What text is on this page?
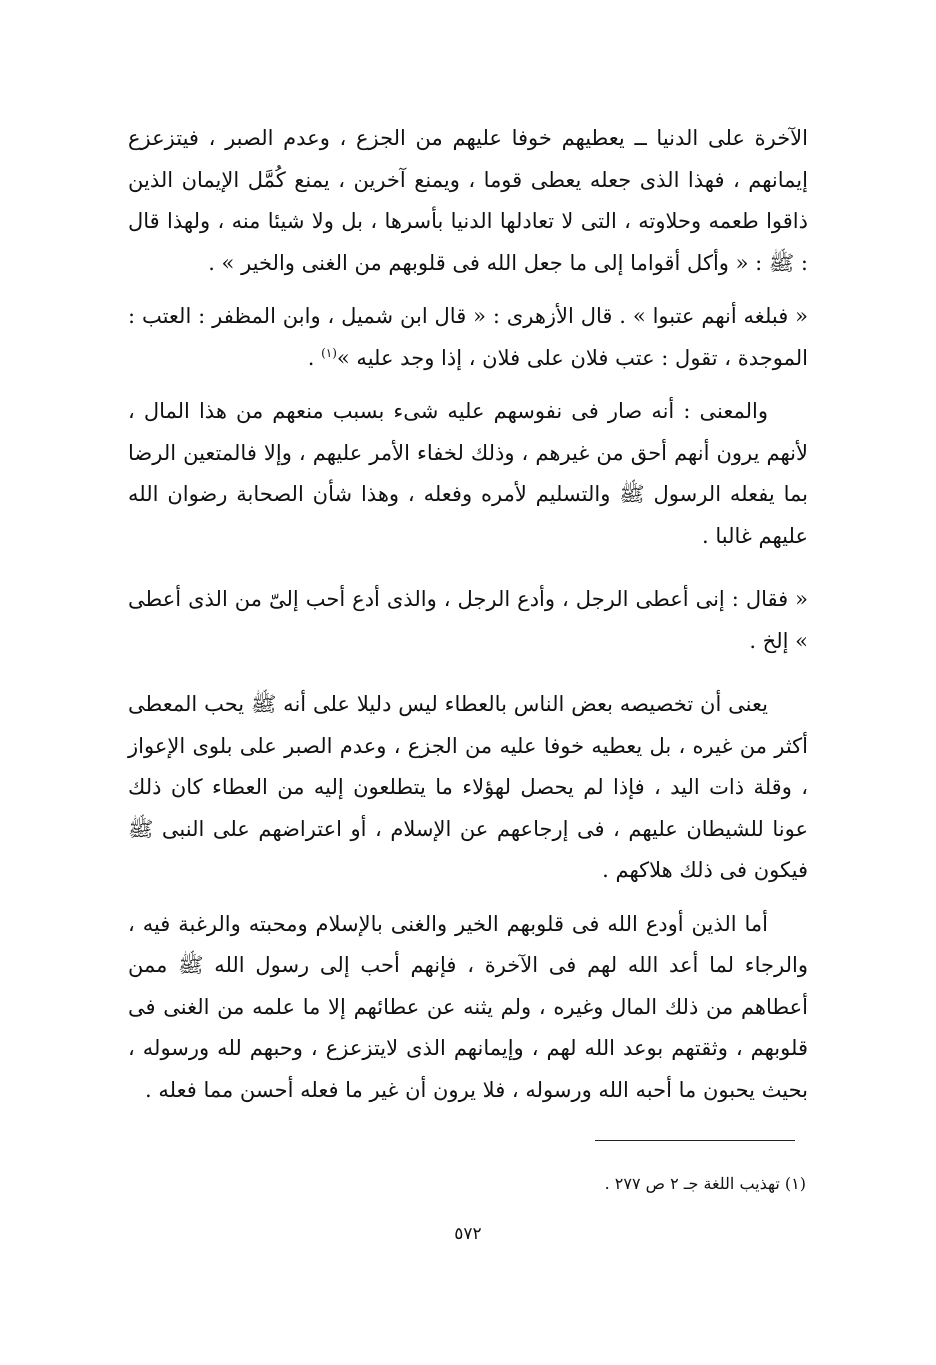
الآخرة على الدنيا ــ يعطيهم خوفا عليهم من الجزع ، وعدم الصبر ، فيتزعزع إيمانهم ، فهذا الذى جعله يعطى قوما ، ويمنع آخرين ، يمنع كُمَّل الإيمان الذين ذاقوا طعمه وحلاوته ، التى لا تعادلها الدنيا بأسرها ، بل ولا شيئا منه ، ولهذا قال : ﷺ : « وأكل أقواما إلى ما جعل الله فى قلوبهم من الغنى والخير » .

« فبلغه أنهم عتبوا » . قال الأزهرى : « قال ابن شميل ، وابن المظفر : العتب : الموجدة ، تقول : عتب فلان على فلان ، إذا وجد عليه »$^{(١)}$ .

والمعنى : أنه صار فى نفوسهم عليه شىء بسبب منعهم من هذا المال ، لأنهم يرون أنهم أحق من غيرهم ، وذلك لخفاء الأمر عليهم ، وإلا فالمتعين الرضا بما يفعله الرسول ﷺ والتسليم لأمره وفعله ، وهذا شأن الصحابة رضوان الله عليهم غالبا .

« فقال : إنى أعطى الرجل ، وأدع الرجل ، والذى أدع أحب إلىّ من الذى أعطى » إلخ .

يعنى أن تخصيصه بعض الناس بالعطاء ليس دليلا على أنه ﷺ يحب المعطى أكثر من غيره ، بل يعطيه خوفا عليه من الجزع ، وعدم الصبر على بلوى الإعواز ، وقلة ذات اليد ، فإذا لم يحصل لهؤلاء ما يتطلعون إليه من العطاء كان ذلك عونا للشيطان عليهم ، فى إرجاعهم عن الإسلام ، أو اعتراضهم على النبى ﷺ فيكون فى ذلك هلاكهم .

أما الذين أودع الله فى قلوبهم الخير والغنى بالإسلام ومحبته والرغبة فيه ، والرجاء لما أعد الله لهم فى الآخرة ، فإنهم أحب إلى رسول الله ﷺ ممن أعطاهم من ذلك المال وغيره ، ولم يثنه عن عطائهم إلا ما علمه من الغنى فى قلوبهم ، وثقتهم بوعد الله لهم ، وإيمانهم الذى لايتزعزع ، وحبهم لله ورسوله ، بحيث يحبون ما أحبه الله ورسوله ، فلا يرون أن غير ما فعله أحسن مما فعله .

(١) تهذيب اللغة جـ ٢ ص ٢٧٧ .
٥٧٢
